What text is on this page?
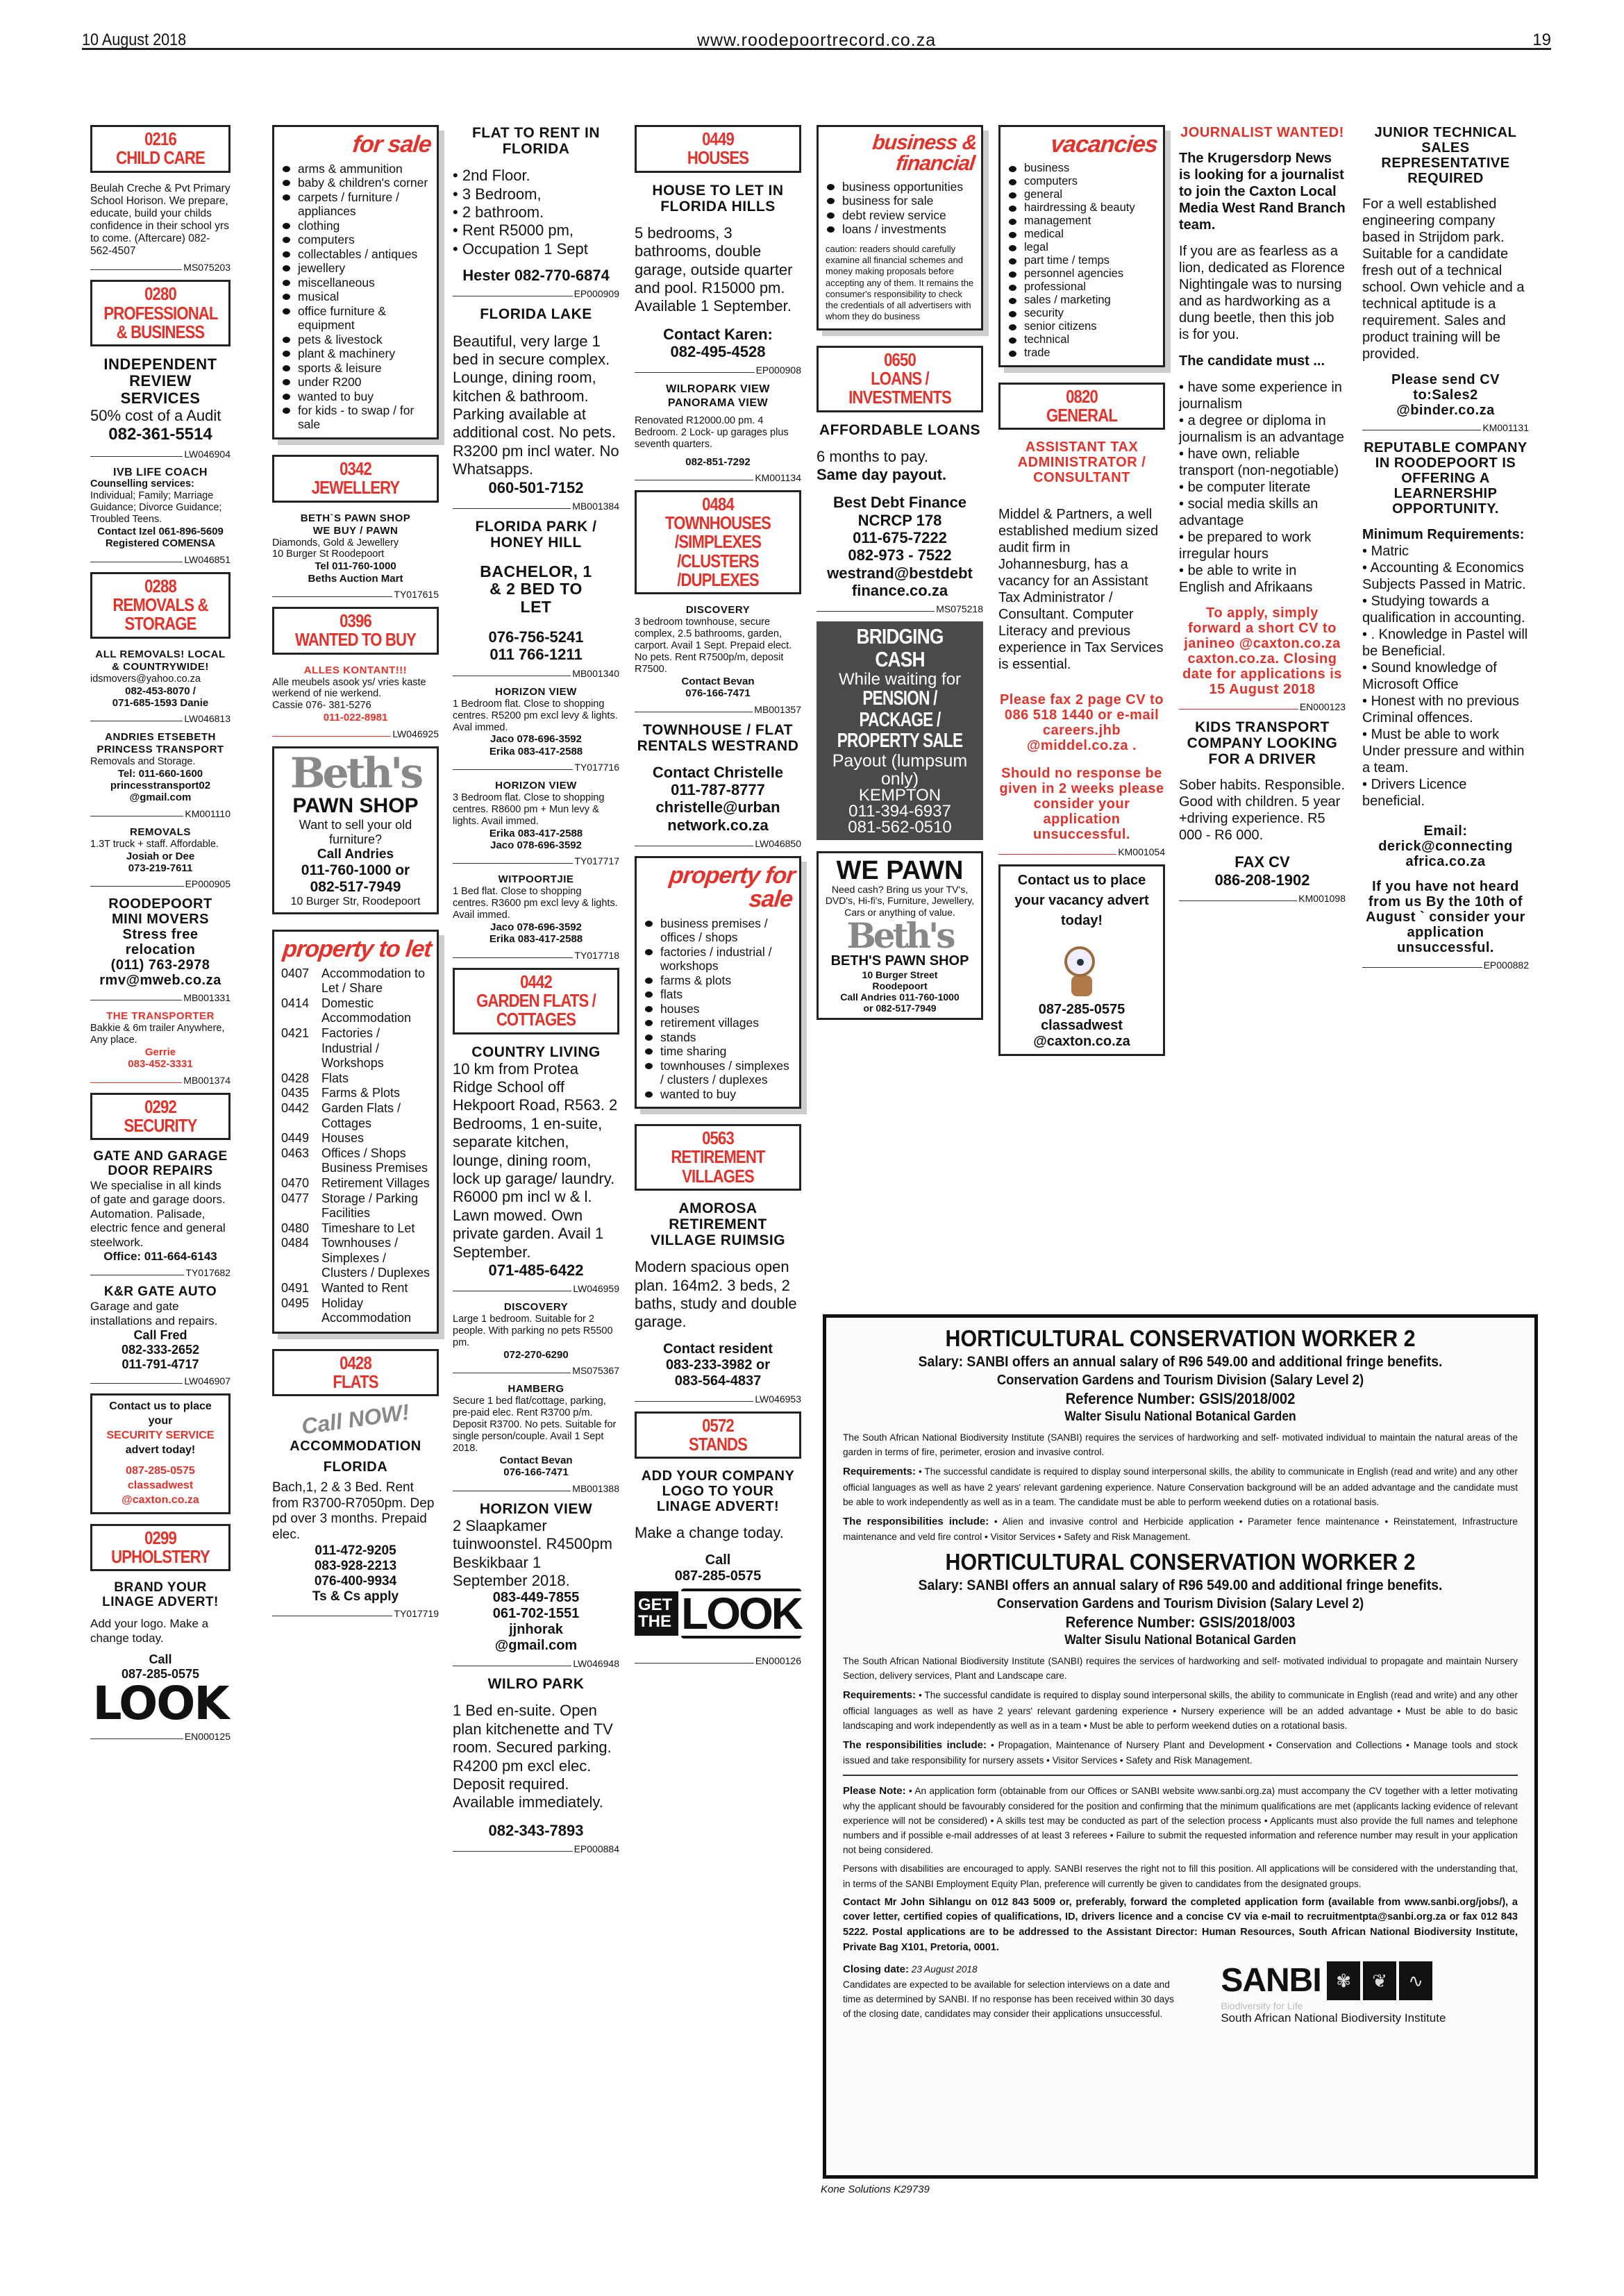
10 August 2018	www.roodepoortrecord.co.za	19
0216
CHILD CARE
Beulah Creche & Pvt Primary School Horison. We prepare, educate, build your childs confidence in their school yrs to come. (Aftercare) 082-562-4507
MS075203
0280
PROFESSIONAL & BUSINESS
INDEPENDENT REVIEW SERVICES
50% cost of a Audit
082-361-5514
LW046904
IVB LIFE COACH
Counselling services:
Individual; Family; Marriage Guidance; Divorce Guidance; Troubled Teens.
Contact Izel 061-896-5609
Registered COMENSA
LW046851
0288
REMOVALS & STORAGE
ALL REMOVALS! LOCAL & COUNTRYWIDE!
idsmovers@yahoo.co.za
082-453-8070 /
071-685-1593 Danie
LW046813
ANDRIES ETSEBETH PRINCESS TRANSPORT
Removals and Storage.
Tel: 011-660-1600
princesstransport02
@gmail.com
KM001110
REMOVALS
1.3T truck + staff. Affordable.
Josiah or Dee
073-219-7611
EP000905
ROODEPOORT
MINI MOVERS
Stress free
relocation
(011) 763-2978
rmv@mweb.co.za
MB001331
THE TRANSPORTER
Bakkie & 6m trailer Anywhere, Any place.
Gerrie
083-452-3331
MB001374
0292
SECURITY
GATE AND GARAGE DOOR REPAIRS
We specialise in all kinds of gate and garage doors. Automation. Palisade, electric fence and general steelwork.
Office: 011-664-6143
TY017682
K&R GATE AUTO
Garage and gate installations and repairs.
Call Fred
082-333-2652
011-791-4717
LW046907
Contact us to place your
SECURITY SERVICE
advert today!
087-285-0575
classadwest
@caxton.co.za
0299
UPHOLSTERY
BRAND YOUR LINAGE ADVERT!
Add your logo. Make a change today.
Call
087-285-0575
LOOK
EN000125
for sale
arms & ammunition
baby & children's corner
carpets / furniture / appliances
clothing
computers
collectables / antiques
jewellery
miscellaneous
musical
office furniture & equipment
pets & livestock
plant & machinery
sports & leisure
under R200
wanted to buy
for kids - to swap / for sale
0342
JEWELLERY
BETH`S PAWN SHOP
WE BUY / PAWN
Diamonds, Gold & Jewellery
10 Burger St Roodepoort
Tel 011-760-1000
Beths Auction Mart
TY017615
0396
WANTED TO BUY
ALLES KONTANT!!!
Alle meubels asook ys/ vries kaste werkend of nie werkend.
Cassie 076- 381-5276
011-022-8981
LW046925
Beth's
PAWN SHOP
Want to sell your old furniture?
Call Andries
011-760-1000 or
082-517-7949
10 Burger Str, Roodepoort
property to let
0407 Accommodation to Let / Share
0414 Domestic Accommodation
0421 Factories / Industrial / Workshops
0428 Flats
0435 Farms & Plots
0442 Garden Flats / Cottages
0449 Houses
0463 Offices / Shops Business Premises
0470 Retirement Villages
0477 Storage / Parking Facilities
0480 Timeshare to Let
0484 Townhouses / Simplexes / Clusters / Duplexes
0491 Wanted to Rent
0495 Holiday Accommodation
0428
FLATS
Call NOW!
ACCOMMODATION
FLORIDA
Bach,1, 2 & 3 Bed. Rent from R3700-R7050pm. Dep pd over 3 months. Prepaid elec.
011-472-9205
083-928-2213
076-400-9934
Ts & Cs apply
TY017719
FLAT TO RENT IN FLORIDA
• 2nd Floor.
• 3 Bedroom,
• 2 bathroom.
• Rent R5000 pm,
• Occupation 1 Sept
Hester 082-770-6874
EP000909
FLORIDA LAKE
Beautiful, very large 1 bed in secure complex. Lounge, dining room, kitchen & bathroom. Parking available at additional cost. No pets. R3200 pm incl water. No Whatsapps.
060-501-7152
MB001384
FLORIDA PARK / HONEY HILL
BACHELOR, 1 & 2 BED TO LET
076-756-5241
011 766-1211
MB001340
HORIZON VIEW
1 Bedroom flat. Close to shopping centres. R5200 pm excl levy & lights. Aval immed.
Jaco 078-696-3592
Erika 083-417-2588
TY017716
HORIZON VIEW
3 Bedroom flat. Close to shopping centres. R8600 pm + Mun levy & lights. Avail immed.
Erika 083-417-2588
Jaco 078-696-3592
TY017717
WITPOORTJIE
1 Bed flat. Close to shopping centres. R3600 pm excl levy & lights. Avail immed.
Jaco 078-696-3592
Erika 083-417-2588
TY017718
0442
GARDEN FLATS / COTTAGES
COUNTRY LIVING
10 km from Protea Ridge School off Hekpoort Road, R563. 2 Bedrooms, 1 en-suite, separate kitchen, lounge, dining room, lock up garage/ laundry. R6000 pm incl w & l. Lawn mowed. Own private garden. Avail 1 September.
071-485-6422
LW046959
DISCOVERY
Large 1 bedroom. Suitable for 2 people. With parking no pets R5500 pm.
072-270-6290
MS075367
HAMBERG
Secure 1 bed flat/cottage, parking, pre-paid elec. Rent R3700 p/m. Deposit R3700. No pets. Suitable for single person/couple. Avail 1 Sept 2018.
Contact Bevan
076-166-7471
MB001388
HORIZON VIEW
2 Slaapkamer tuinwoonstel. R4500pm Beskikbaar 1 September 2018.
083-449-7855
061-702-1551
jjnhorak
@gmail.com
LW046948
WILRO PARK
1 Bed en-suite. Open plan kitchenette and TV room. Secured parking. R4200 pm excl elec. Deposit required. Available immediately.
082-343-7893
EP000884
0449
HOUSES
HOUSE TO LET IN FLORIDA HILLS
5 bedrooms, 3 bathrooms, double garage, outside quarter and pool. R15000 pm. Available 1 September.
Contact Karen:
082-495-4528
EP000908
WILROPARK VIEW PANORAMA VIEW
Renovated R12000.00 pm. 4 Bedroom. 2 Lock- up garages plus seventh quarters.
082-851-7292
KM001134
0484
TOWNHOUSES /SIMPLEXES /CLUSTERS /DUPLEXES
DISCOVERY
3 bedroom townhouse, secure complex, 2.5 bathrooms, garden, carport. Avail 1 Sept. Prepaid elect. No pets. Rent R7500p/m, deposit R7500.
Contact Bevan
076-166-7471
MB001357
TOWNHOUSE / FLAT RENTALS WESTRAND
Contact Christelle
011-787-8777
christelle@urban
network.co.za
LW046850
property for sale
business premises / offices / shops
factories / industrial / workshops
farms & plots
flats
houses
retirement villages
stands
time sharing
townhouses / simplexes / clusters / duplexes
wanted to buy
0563
RETIREMENT VILLAGES
AMOROSA RETIREMENT VILLAGE RUIMSIG
Modern spacious open plan. 164m2. 3 beds, 2 baths, study and double garage.
Contact resident
083-233-3982 or
083-564-4837
LW046953
0572
STANDS
ADD YOUR COMPANY LOGO TO YOUR LINAGE ADVERT!
Make a change today.
Call
087-285-0575
GET THE LOOK
EN000126
business & financial
business opportunities
business for sale
debt review service
loans / investments
caution: readers should carefully examine all financial schemes and money making proposals before accepting any of them. It remains the consumer's responsibility to check the credentials of all advertisers with whom they do business
0650
LOANS / INVESTMENTS
AFFORDABLE LOANS
6 months to pay.
Same day payout.
Best Debt Finance
NCRCP 178
011-675-7222
082-973 - 7522
westrand@bestdebt
finance.co.za
MS075218
BRIDGING CASH
While waiting for
PENSION / PACKAGE / PROPERTY SALE
Payout (lumpsum only)
KEMPTON
011-394-6937
081-562-0510
WE PAWN
Need cash? Bring us your TV's, DVD's, Hi-fi's, Furniture, Jewellery, Cars or anything of value.
Beth's
BETH'S PAWN SHOP
10 Burger Street
Roodepoort
Call Andries 011-760-1000
or 082-517-7949
vacancies
business
computers
general
hairdressing & beauty
management
medical
legal
part time / temps
personnel agencies
professional
sales / marketing
security
senior citizens
technical
trade
0820
GENERAL
ASSISTANT TAX ADMINISTRATOR / CONSULTANT
Middel & Partners, a well established medium sized audit firm in Johannesburg, has a vacancy for an Assistant Tax Administrator / Consultant. Computer Literacy and previous experience in Tax Services is essential.
Please fax 2 page CV to 086 518 1440 or e-mail careers.jhb @middel.co.za .
Should no response be given in 2 weeks please consider your application unsuccessful.
KM001054
Contact us to place your vacancy advert today!
087-285-0575
classadwest
@caxton.co.za
JOURNALIST WANTED!
The Krugersdorp News is looking for a journalist to join the Caxton Local Media West Rand Branch team.
If you are as fearless as a lion, dedicated as Florence Nightingale was to nursing and as hardworking as a dung beetle, then this job is for you.
The candidate must ...
• have some experience in journalism
• a degree or diploma in journalism is an advantage
• have own, reliable transport (non-negotiable)
• be computer literate
• social media skills an advantage
• be prepared to work irregular hours
• be able to write in English and Afrikaans
To apply, simply forward a short CV to janineo @caxton.co.za caxton.co.za. Closing date for applications is 15 August 2018
EN000123
KIDS TRANSPORT COMPANY LOOKING FOR A DRIVER
Sober habits. Responsible. Good with children. 5 year +driving experience. R5 000 - R6 000.
FAX CV
086-208-1902
KM001098
JUNIOR TECHNICAL SALES REPRESENTATIVE REQUIRED
For a well established engineering company based in Strijdom park. Suitable for a candidate fresh out of a technical school. Own vehicle and a technical aptitude is a requirement. Sales and product training will be provided.
Please send CV to:Sales2 @binder.co.za
KM001131
REPUTABLE COMPANY IN ROODEPOORT IS OFFERING A LEARNERSHIP OPPORTUNITY.
Minimum Requirements:
• Matric
• Accounting & Economics Subjects Passed in Matric.
• Studying towards a qualification in accounting.
• . Knowledge in Pastel will be Beneficial.
• Sound knowledge of Microsoft Office
• Honest with no previous Criminal offences.
• Must be able to work Under pressure and within a team.
• Drivers Licence beneficial.
Email: derick@connecting africa.co.za
If you have not heard from us By the 10th of August ` consider your application unsuccessful.
EP000882
HORTICULTURAL CONSERVATION WORKER 2
Salary: SANBI offers an annual salary of R96 549.00 and additional fringe benefits.
Conservation Gardens and Tourism Division (Salary Level 2)
Reference Number: GSIS/2018/002
Walter Sisulu National Botanical Garden

The South African National Biodiversity Institute (SANBI) requires the services of hardworking and self- motivated individual to maintain the natural areas of the garden in terms of fire, perimeter, erosion and invasive control.

Requirements: • The successful candidate is required to display sound interpersonal skills, the ability to communicate in English (read and write) and any other official languages as well as have 2 years' relevant gardening experience. Nature Conservation background will be an added advantage and the candidate must be able to work independently as well as in a team. The candidate must be able to perform weekend duties on a rotational basis.

The responsibilities include: • Alien and invasive control and Herbicide application • Parameter fence maintenance • Reinstatement, Infrastructure maintenance and veld fire control • Visitor Services • Safety and Risk Management.

HORTICULTURAL CONSERVATION WORKER 2
Salary: SANBI offers an annual salary of R96 549.00 and additional fringe benefits.
Conservation Gardens and Tourism Division (Salary Level 2)
Reference Number: GSIS/2018/003
Walter Sisulu National Botanical Garden

The South African National Biodiversity Institute (SANBI) requires the services of hardworking and self- motivated individual to propagate and maintain Nursery Section, delivery services, Plant and Landscape care.

Requirements: • The successful candidate is required to display sound interpersonal skills, the ability to communicate in English (read and write) and any other official languages as well as have 2 years' relevant gardening experience • Nursery experience will be an added advantage • Must be able to do basic landscaping and work independently as well as in a team • Must be able to perform weekend duties on a rotational basis.

The responsibilities include: • Propagation, Maintenance of Nursery Plant and Development • Conservation and Collections • Manage tools and stock issued and take responsibility for nursery assets • Visitor Services • Safety and Risk Management.

Please Note: • An application form (obtainable from our Offices or SANBI website www.sanbi.org.za) must accompany the CV together with a letter motivating why the applicant should be favourably considered for the position and confirming that the minimum qualifications are met (applicants lacking evidence of relevant experience will not be considered) • A skills test may be conducted as part of the selection process • Applicants must also provide the full names and telephone numbers and if possible e-mail addresses of at least 3 referees • Failure to submit the requested information and reference number may result in your application not being considered.

Persons with disabilities are encouraged to apply. SANBI reserves the right not to fill this position. All applications will be considered with the understanding that, in terms of the SANBI Employment Equity Plan, preference will currently be given to candidates from the designated groups.

Contact Mr John Sihlangu on 012 843 5009 or, preferably, forward the completed application form (available from www.sanbi.org/jobs/), a cover letter, certified copies of qualifications, ID, drivers licence and a concise CV via e-mail to recruitmentpta@sanbi.org.za or fax 012 843 5222. Postal applications are to be addressed to the Assistant Director: Human Resources, South African National Biodiversity Institute, Private Bag X101, Pretoria, 0001.

Closing date: 23 August 2018
Candidates are expected to be available for selection interviews on a date and time as determined by SANBI. If no response has been received within 30 days of the closing date, candidates may consider their applications unsuccessful.
SANBI ✾ ❦ ∿
Biodiversity for Life
South African National Biodiversity Institute
Kone Solutions K29739
